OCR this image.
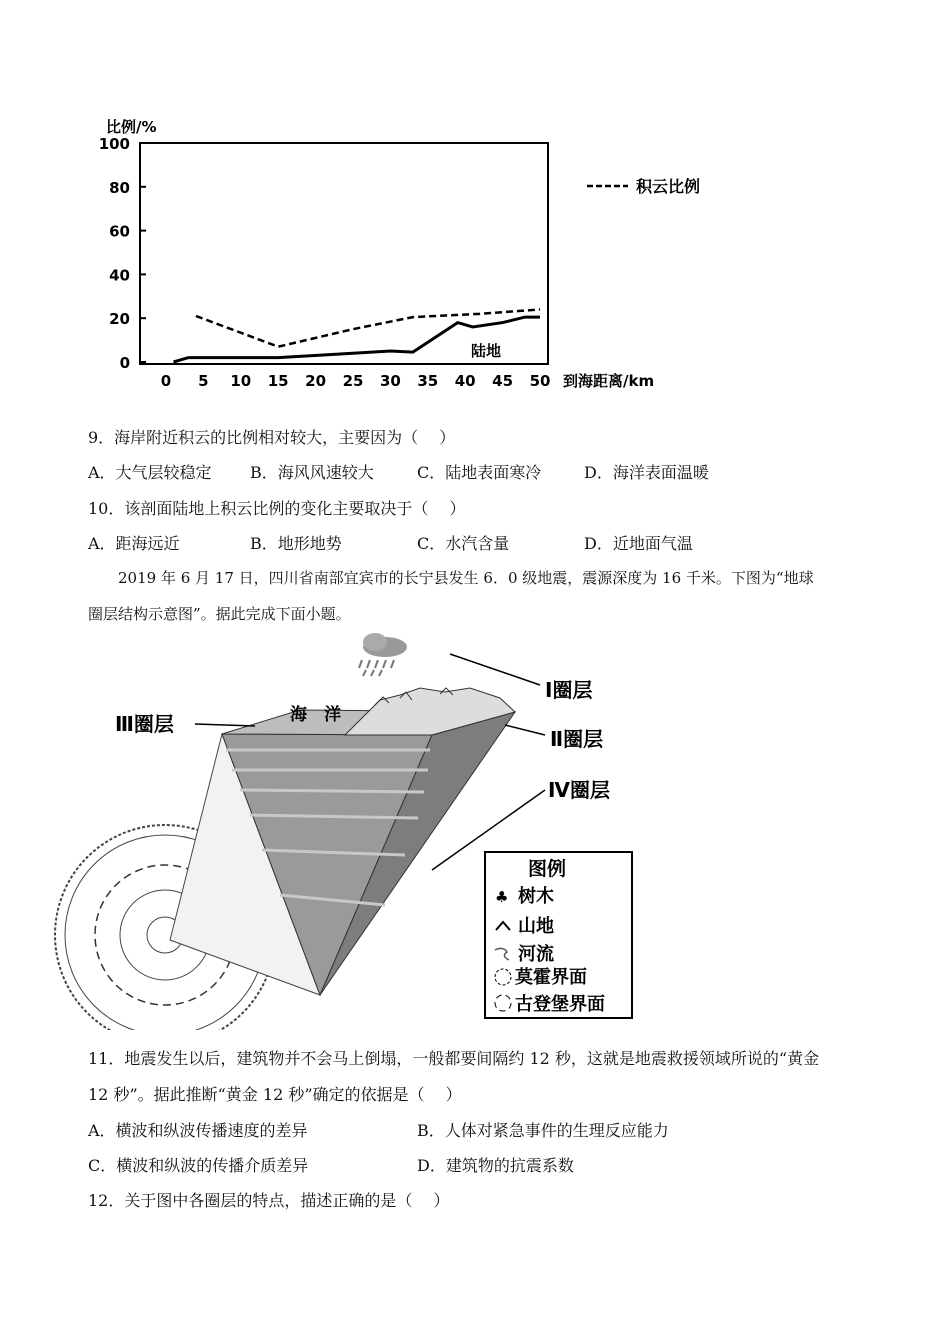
比例/%
0
20
40
60
80
100
0 5 10 15 20 25 30 35 40 45 50 到海距离/km
积云比例
陆地
9．海岸附近积云的比例相对较大，主要因为（　 ）
A．大气层较稳定 B．海风风速较大	C．陆地表面寒冷	D．海洋表面温暖
10．该剖面陆地上积云比例的变化主要取决于（　 ）
A．距海远近	B．地形地势	C．水汽含量	D．近地面气温
2019 年 6 月 17 日，四川省南部宜宾市的长宁县发生 6．0 级地震，震源深度为 16 千米。下图为“地球
圈层结构示意图”。据此完成下面小题。
海　洋
Ⅰ圈层
Ⅱ圈层
Ⅲ圈层
Ⅳ圈层
图例
♣ 树木
山地
河流
莫霍界面
古登堡界面
11．地震发生以后，建筑物并不会马上倒塌，一般都要间隔约 12 秒，这就是地震救援领域所说的“黄金
12 秒”。据此推断“黄金 12 秒”确定的依据是（　 ）
A．横波和纵波传播速度的差异	B．人体对紧急事件的生理反应能力
C．横波和纵波的传播介质差异	D．建筑物的抗震系数
12．关于图中各圈层的特点，描述正确的是（　 ）
